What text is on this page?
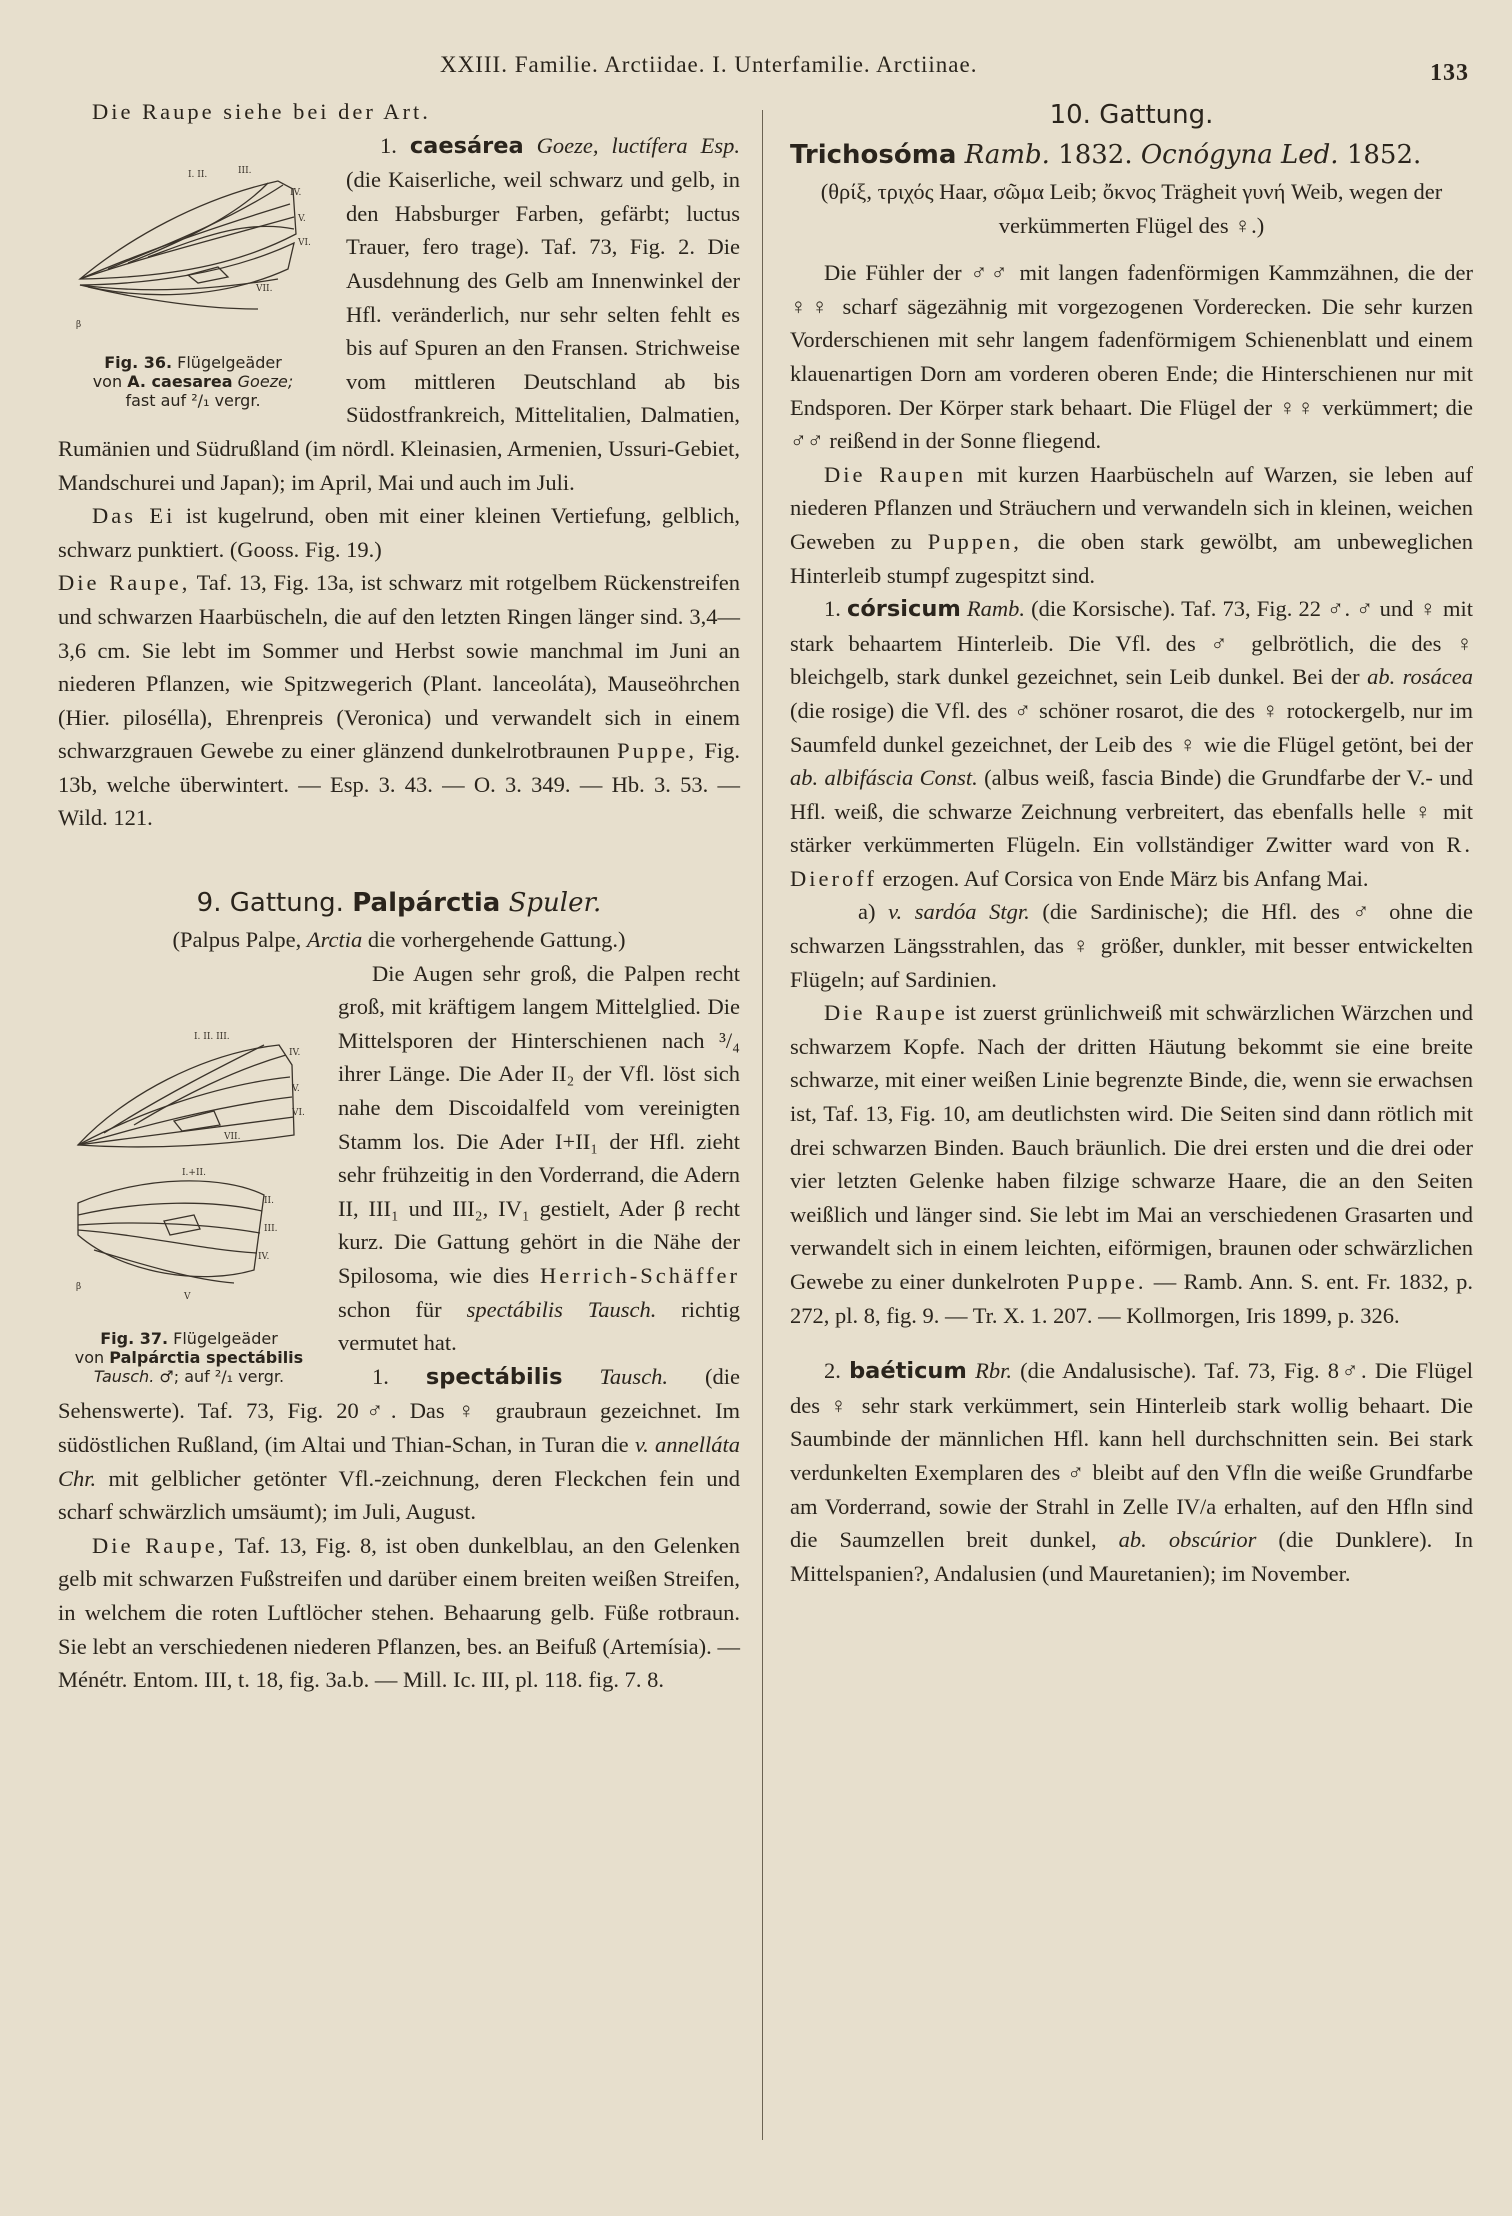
XXIII. Familie. Arctiidae. I. Unterfamilie. Arctiinae.	133

Die Raupe siehe bei der Art.

I. II.	III.
IV.
V.
VI.
VII.
β
Fig. 36. Flügelgeäder
von A. caesarea Goeze;
fast auf ²/₁ vergr.

1. caesárea Goeze, luctífera Esp. (die Kaiserliche, weil schwarz und gelb, in den Habsburger Farben, gefärbt; luctus Trauer, fero trage). Taf. 73, Fig. 2. Die Ausdehnung des Gelb am Innenwinkel der Hfl. veränderlich, nur sehr selten fehlt es bis auf Spuren an den Fransen. Strichweise vom mittleren Deutschland ab bis Südostfrankreich, Mittelitalien, Dalmatien, Rumänien und Südrußland (im nördl. Kleinasien, Armenien, Ussuri-Gebiet, Mandschurei und Japan); im April, Mai und auch im Juli.

Das Ei ist kugelrund, oben mit einer kleinen Vertiefung, gelblich, schwarz punktiert. (Gooss. Fig. 19.)

Die Raupe, Taf. 13, Fig. 13a, ist schwarz mit rotgelbem Rückenstreifen und schwarzen Haarbüscheln, die auf den letzten Ringen länger sind. 3,4—3,6 cm. Sie lebt im Sommer und Herbst sowie manchmal im Juni an niederen Pflanzen, wie Spitzwegerich (Plant. lanceoláta), Mauseöhrchen (Hier. pilosélla), Ehrenpreis (Veronica) und verwandelt sich in einem schwarzgrauen Gewebe zu einer glänzend dunkelrotbraunen Puppe, Fig. 13b, welche überwintert. — Esp. 3. 43. — O. 3. 349. — Hb. 3. 53. — Wild. 121.

9. Gattung. Palpárctia Spuler.

(Palpus Palpe, Arctia die vorhergehende Gattung.)

I. II. III.
IV.
V.
VI.
VII.
I.+II.
II.
III.
IV.
β
V
Fig. 37. Flügelgeäder
von Palpárctia spectábilis
Tausch. ♂; auf ²/₁ vergr.

Die Augen sehr groß, die Palpen recht groß, mit kräftigem langem Mittelglied. Die Mittelsporen der Hinterschienen nach ³/₄ ihrer Länge. Die Ader II₂ der Vfl. löst sich nahe dem Discoidalfeld vom vereinigten Stamm los. Die Ader I+II₁ der Hfl. zieht sehr frühzeitig in den Vorderrand, die Adern II, III₁ und III₂, IV₁ gestielt, Ader β recht kurz. Die Gattung gehört in die Nähe der Spilosoma, wie dies Herrich-Schäffer schon für spectábilis Tausch. richtig vermutet hat.

1. spectábilis Tausch. (die Sehenswerte). Taf. 73, Fig. 20♂. Das ♀ graubraun gezeichnet. Im südöstlichen Rußland, (im Altai und Thian-Schan, in Turan die v. annelláta Chr. mit gelblicher getönter Vfl.-zeichnung, deren Fleckchen fein und scharf schwärzlich umsäumt); im Juli, August.

Die Raupe, Taf. 13, Fig. 8, ist oben dunkelblau, an den Gelenken gelb mit schwarzen Fußstreifen und darüber einem breiten weißen Streifen, in welchem die roten Luftlöcher stehen. Behaarung gelb. Füße rotbraun. Sie lebt an verschiedenen niederen Pflanzen, bes. an Beifuß (Artemísia). — Ménétr. Entom. III, t. 18, fig. 3a.b. — Mill. Ic. III, pl. 118. fig. 7. 8.

10. Gattung.

Trichosóma Ramb. 1832. Ocnógyna Led. 1852.

(θρίξ, τριχός Haar, σῶμα Leib; ὄκνος Trägheit γυνή Weib, wegen der verkümmerten Flügel des ♀.)

Die Fühler der ♂♂ mit langen fadenförmigen Kammzähnen, die der ♀♀ scharf sägezähnig mit vorgezogenen Vorderecken. Die sehr kurzen Vorderschienen mit sehr langem fadenförmigem Schienenblatt und einem klauenartigen Dorn am vorderen oberen Ende; die Hinterschienen nur mit Endsporen. Der Körper stark behaart. Die Flügel der ♀♀ verkümmert; die ♂♂ reißend in der Sonne fliegend.

Die Raupen mit kurzen Haarbüscheln auf Warzen, sie leben auf niederen Pflanzen und Sträuchern und verwandeln sich in kleinen, weichen Geweben zu Puppen, die oben stark gewölbt, am unbeweglichen Hinterleib stumpf zugespitzt sind.

1. córsicum Ramb. (die Korsische). Taf. 73, Fig. 22 ♂. ♂ und ♀ mit stark behaartem Hinterleib. Die Vfl. des ♂ gelbrötlich, die des ♀ bleichgelb, stark dunkel gezeichnet, sein Leib dunkel. Bei der ab. rosácea (die rosige) die Vfl. des ♂ schöner rosarot, die des ♀ rotockergelb, nur im Saumfeld dunkel gezeichnet, der Leib des ♀ wie die Flügel getönt, bei der ab. albifáscia Const. (albus weiß, fascia Binde) die Grundfarbe der V.- und Hfl. weiß, die schwarze Zeichnung verbreitert, das ebenfalls helle ♀ mit stärker verkümmerten Flügeln. Ein vollständiger Zwitter ward von R. Dieroff erzogen. Auf Corsica von Ende März bis Anfang Mai.

a) v. sardóa Stgr. (die Sardinische); die Hfl. des ♂ ohne die schwarzen Längsstrahlen, das ♀ größer, dunkler, mit besser entwickelten Flügeln; auf Sardinien.

Die Raupe ist zuerst grünlichweiß mit schwärzlichen Wärzchen und schwarzem Kopfe. Nach der dritten Häutung bekommt sie eine breite schwarze, mit einer weißen Linie begrenzte Binde, die, wenn sie erwachsen ist, Taf. 13, Fig. 10, am deutlichsten wird. Die Seiten sind dann rötlich mit drei schwarzen Binden. Bauch bräunlich. Die drei ersten und die drei oder vier letzten Gelenke haben filzige schwarze Haare, die an den Seiten weißlich und länger sind. Sie lebt im Mai an verschiedenen Grasarten und verwandelt sich in einem leichten, eiförmigen, braunen oder schwärzlichen Gewebe zu einer dunkelroten Puppe. — Ramb. Ann. S. ent. Fr. 1832, p. 272, pl. 8, fig. 9. — Tr. X. 1. 207. — Kollmorgen, Iris 1899, p. 326.

2. baéticum Rbr. (die Andalusische). Taf. 73, Fig. 8♂. Die Flügel des ♀ sehr stark verkümmert, sein Hinterleib stark wollig behaart. Die Saumbinde der männlichen Hfl. kann hell durchschnitten sein. Bei stark verdunkelten Exemplaren des ♂ bleibt auf den Vfln die weiße Grundfarbe am Vorderrand, sowie der Strahl in Zelle IV/a erhalten, auf den Hfln sind die Saumzellen breit dunkel, ab. obscúrior (die Dunklere). In Mittelspanien?, Andalusien (und Mauretanien); im November.
